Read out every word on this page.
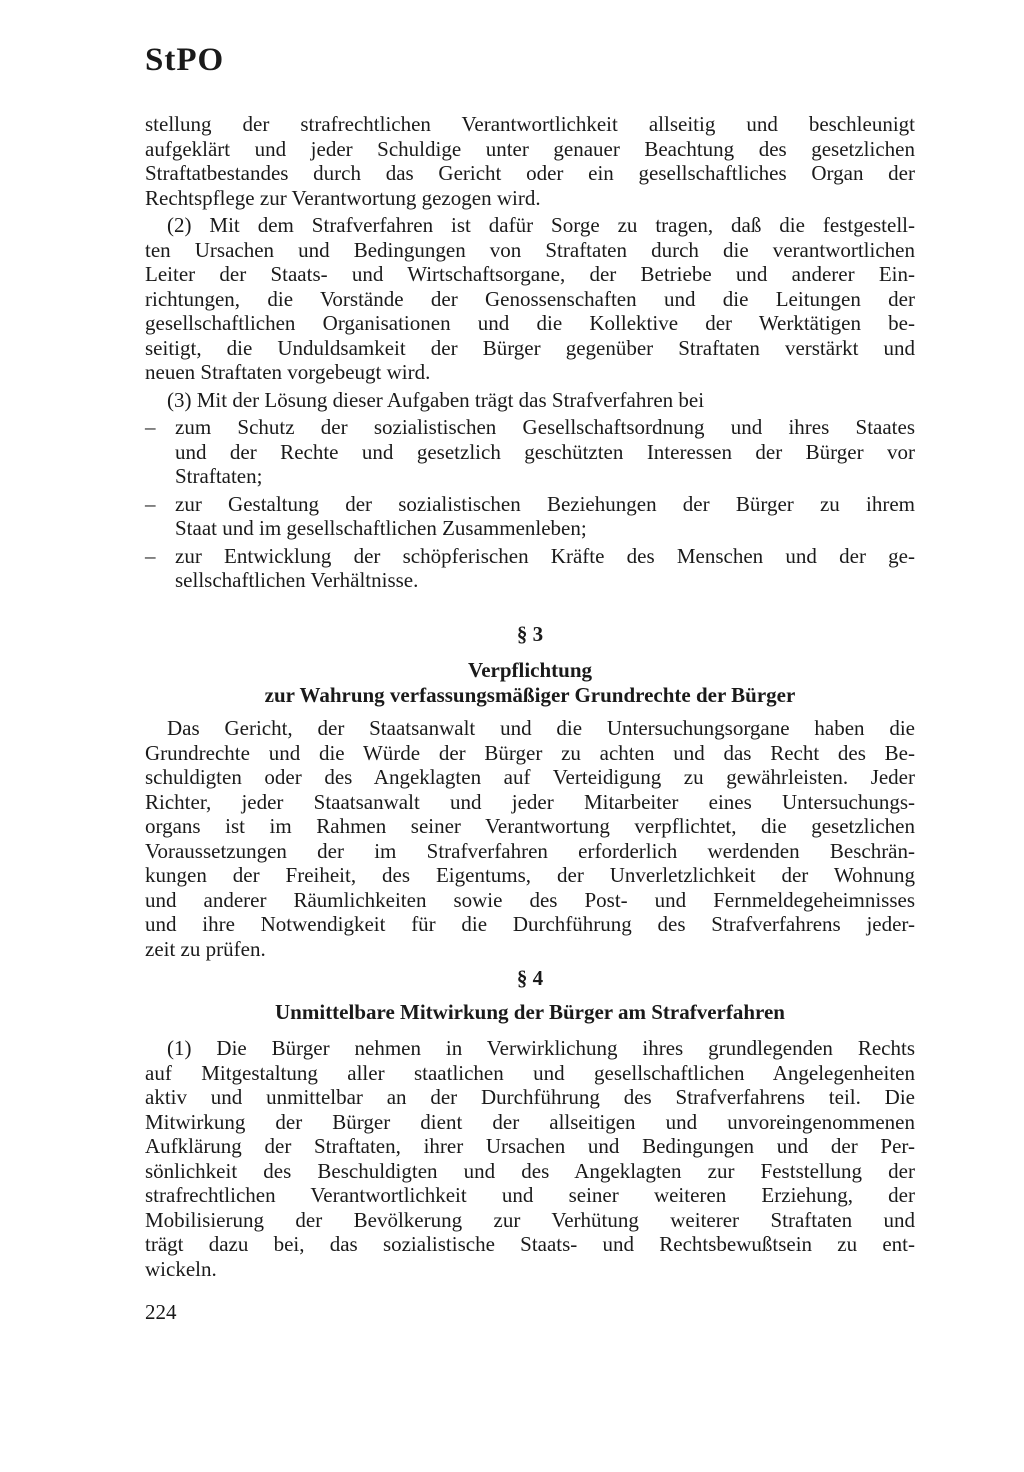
StPO
stellung der strafrechtlichen Verantwortlichkeit allseitig und beschleunigt
aufgeklärt und jeder Schuldige unter genauer Beachtung des gesetzlichen
Straftatbestandes durch das Gericht oder ein gesellschaftliches Organ der
Rechtspflege zur Verantwortung gezogen wird.
(2) Mit dem Strafverfahren ist dafür Sorge zu tragen, daß die festgestell-
ten Ursachen und Bedingungen von Straftaten durch die verantwortlichen
Leiter der Staats- und Wirtschaftsorgane, der Betriebe und anderer Ein-
richtungen, die Vorstände der Genossenschaften und die Leitungen der
gesellschaftlichen Organisationen und die Kollektive der Werktätigen be-
seitigt, die Unduldsamkeit der Bürger gegenüber Straftaten verstärkt und
neuen Straftaten vorgebeugt wird.
(3) Mit der Lösung dieser Aufgaben trägt das Strafverfahren bei
– zum Schutz der sozialistischen Gesellschaftsordnung und ihres Staates
und der Rechte und gesetzlich geschützten Interessen der Bürger vor
Straftaten;
– zur Gestaltung der sozialistischen Beziehungen der Bürger zu ihrem
Staat und im gesellschaftlichen Zusammenleben;
– zur Entwicklung der schöpferischen Kräfte des Menschen und der ge-
sellschaftlichen Verhältnisse.
§ 3
Verpflichtung
zur Wahrung verfassungsmäßiger Grundrechte der Bürger
Das Gericht, der Staatsanwalt und die Untersuchungsorgane haben die
Grundrechte und die Würde der Bürger zu achten und das Recht des Be-
schuldigten oder des Angeklagten auf Verteidigung zu gewährleisten. Jeder
Richter, jeder Staatsanwalt und jeder Mitarbeiter eines Untersuchungs-
organs ist im Rahmen seiner Verantwortung verpflichtet, die gesetzlichen
Voraussetzungen der im Strafverfahren erforderlich werdenden Beschrän-
kungen der Freiheit, des Eigentums, der Unverletzlichkeit der Wohnung
und anderer Räumlichkeiten sowie des Post- und Fernmeldegeheimnisses
und ihre Notwendigkeit für die Durchführung des Strafverfahrens jeder-
zeit zu prüfen.
§ 4
Unmittelbare Mitwirkung der Bürger am Strafverfahren
(1) Die Bürger nehmen in Verwirklichung ihres grundlegenden Rechts
auf Mitgestaltung aller staatlichen und gesellschaftlichen Angelegenheiten
aktiv und unmittelbar an der Durchführung des Strafverfahrens teil. Die
Mitwirkung der Bürger dient der allseitigen und unvoreingenommenen
Aufklärung der Straftaten, ihrer Ursachen und Bedingungen und der Per-
sönlichkeit des Beschuldigten und des Angeklagten zur Feststellung der
strafrechtlichen Verantwortlichkeit und seiner weiteren Erziehung, der
Mobilisierung der Bevölkerung zur Verhütung weiterer Straftaten und
trägt dazu bei, das sozialistische Staats- und Rechtsbewußtsein zu ent-
wickeln.
224
